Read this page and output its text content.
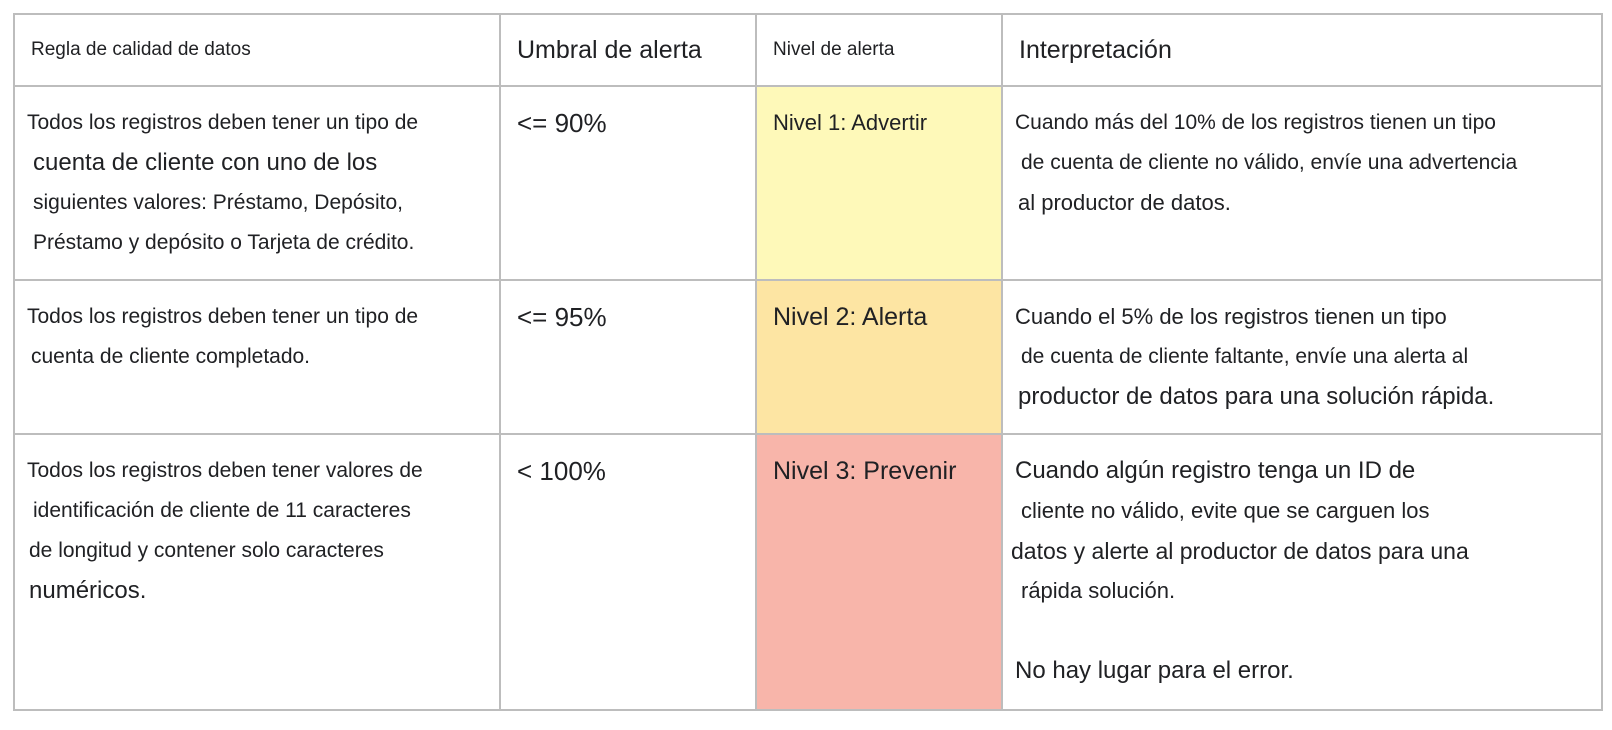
Regla de calidad de datos	Umbral de alerta	Nivel de alerta	Interpretación

Todos los registros deben tener un tipo de
cuenta de cliente con uno de los
siguientes valores: Préstamo, Depósito,
Préstamo y depósito o Tarjeta de crédito.	<= 90%	Nivel 1: Advertir	Cuando más del 10% de los registros tienen un tipo
de cuenta de cliente no válido, envíe una advertencia
al productor de datos.

Todos los registros deben tener un tipo de
cuenta de cliente completado.	<= 95%	Nivel 2: Alerta	Cuando el 5% de los registros tienen un tipo
de cuenta de cliente faltante, envíe una alerta al
productor de datos para una solución rápida.

Todos los registros deben tener valores de
identificación de cliente de 11 caracteres
de longitud y contener solo caracteres
numéricos.	< 100%	Nivel 3: Prevenir	Cuando algún registro tenga un ID de
cliente no válido, evite que se carguen los
datos y alerte al productor de datos para una
rápida solución.
No hay lugar para el error.
